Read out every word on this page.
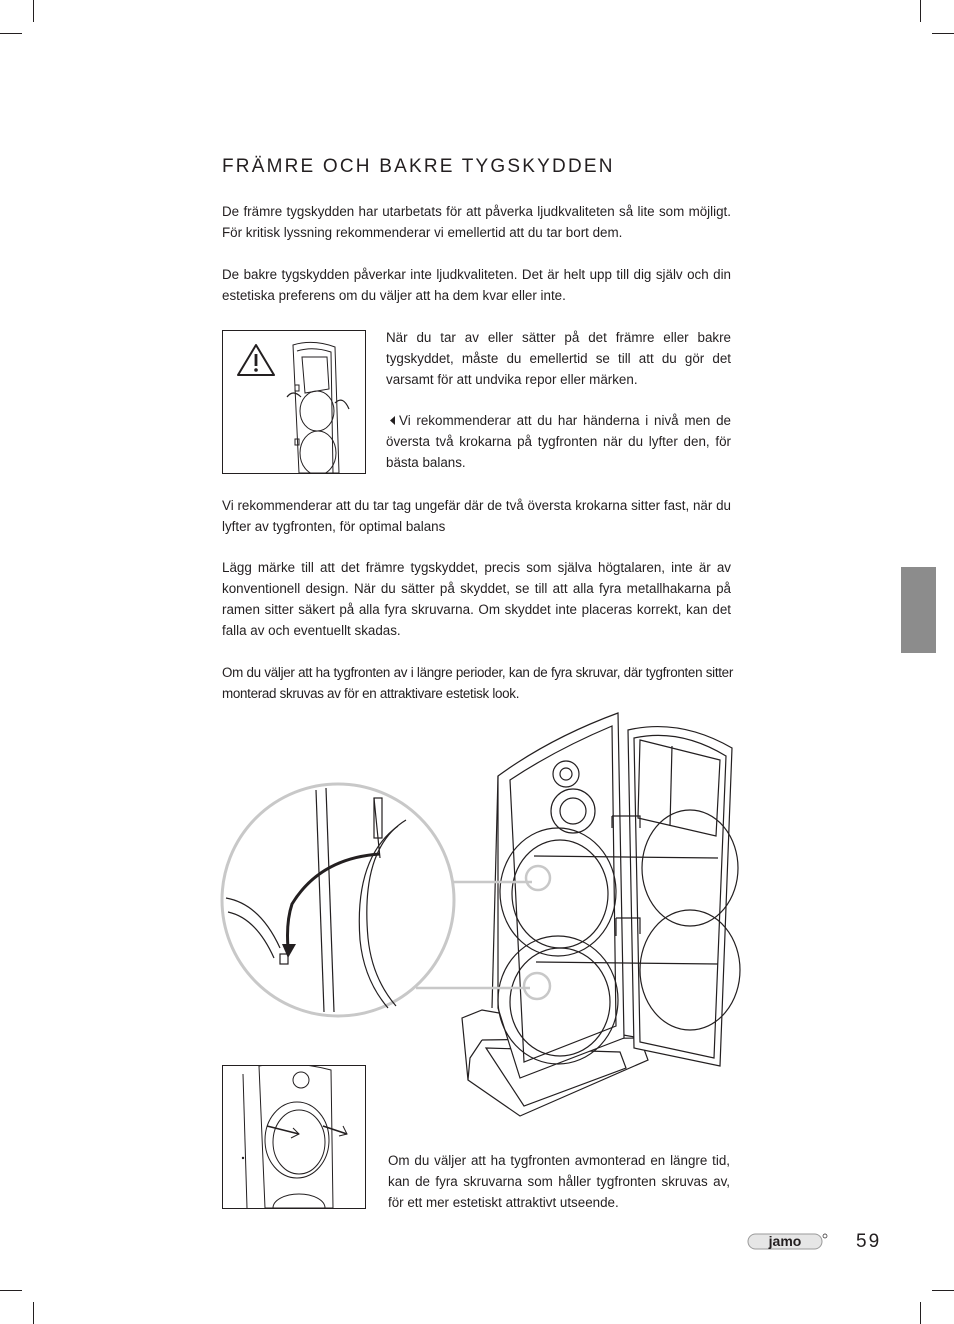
FRÄMRE OCH BAKRE TYGSKYDDEN

De främre tygskydden har utarbetats för att påverka ljudkvaliteten så lite som möjligt. För kritisk lyssning rekommenderar vi emellertid att du tar bort dem.

De bakre tygskydden påverkar inte ljudkvaliteten. Det är helt upp till dig själv och din estetiska preferens om du väljer att ha dem kvar eller inte.

När du tar av eller sätter på det främre eller bakre tygskyddet, måste du emellertid se till att du gör det varsamt för att undvika repor eller märken.

Vi rekommenderar att du har händerna i nivå men de översta två krokarna på tygfronten när du lyfter den, för bästa balans.

Vi rekommenderar att du tar tag ungefär där de två översta krokarna sitter fast, när du lyfter av tygfronten, för optimal balans

Lägg märke till att det främre tygskyddet, precis som själva högtalaren, inte är av konventionell design. När du sätter på skyddet, se till att alla fyra metallhakarna på ramen sitter säkert på alla fyra skruvarna. Om skyddet inte placeras korrekt, kan det falla av och eventuellt skadas.

Om du väljer att ha tygfronten av i längre perioder, kan de fyra skruvar, där tygfronten sitter monterad skruvas av för en attraktivare estetisk look.

Om du väljer att ha tygfronten avmonterad en längre tid, kan de fyra skruvarna som håller tygfronten skruvas av, för ett mer estetiskt attraktivt utseende.

jamo	59
